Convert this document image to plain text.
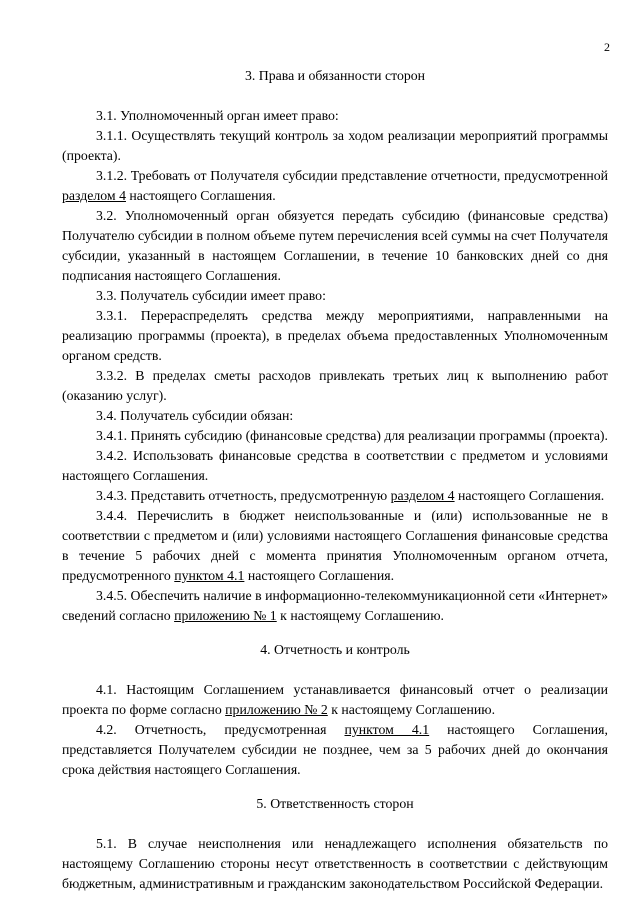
2

3. Права и обязанности сторон

3.1. Уполномоченный орган имеет право:

3.1.1. Осуществлять текущий контроль за ходом реализации мероприятий программы (проекта).

3.1.2. Требовать от Получателя субсидии представление отчетности, предусмотренной разделом 4 настоящего Соглашения.

3.2. Уполномоченный орган обязуется передать субсидию (финансовые средства) Получателю субсидии в полном объеме путем перечисления всей суммы на счет Получателя субсидии, указанный в настоящем Соглашении, в течение 10 банковских дней со дня подписания настоящего Соглашения.

3.3. Получатель субсидии имеет право:

3.3.1. Перераспределять средства между мероприятиями, направленными на реализацию программы (проекта), в пределах объема предоставленных Уполномоченным органом средств.

3.3.2. В пределах сметы расходов привлекать третьих лиц к выполнению работ (оказанию услуг).

3.4. Получатель субсидии обязан:

3.4.1. Принять субсидию (финансовые средства) для реализации программы (проекта).

3.4.2. Использовать финансовые средства в соответствии с предметом и условиями настоящего Соглашения.

3.4.3. Представить отчетность, предусмотренную разделом 4 настоящего Соглашения.

3.4.4. Перечислить в бюджет неиспользованные и (или) использованные не в соответствии с предметом и (или) условиями настоящего Соглашения финансовые средства в течение 5 рабочих дней с момента принятия Уполномоченным органом отчета, предусмотренного пунктом 4.1 настоящего Соглашения.

3.4.5. Обеспечить наличие в информационно-телекоммуникационной сети «Интернет» сведений согласно приложению № 1 к настоящему Соглашению.

4. Отчетность и контроль

4.1. Настоящим Соглашением устанавливается финансовый отчет о реализации проекта по форме согласно приложению № 2 к настоящему Соглашению.

4.2. Отчетность, предусмотренная пунктом 4.1 настоящего Соглашения, представляется Получателем субсидии не позднее, чем за 5 рабочих дней до окончания срока действия настоящего Соглашения.

5. Ответственность сторон

5.1. В случае неисполнения или ненадлежащего исполнения обязательств по настоящему Соглашению стороны несут ответственность в соответствии с действующим бюджетным, административным и гражданским законодательством Российской Федерации.
